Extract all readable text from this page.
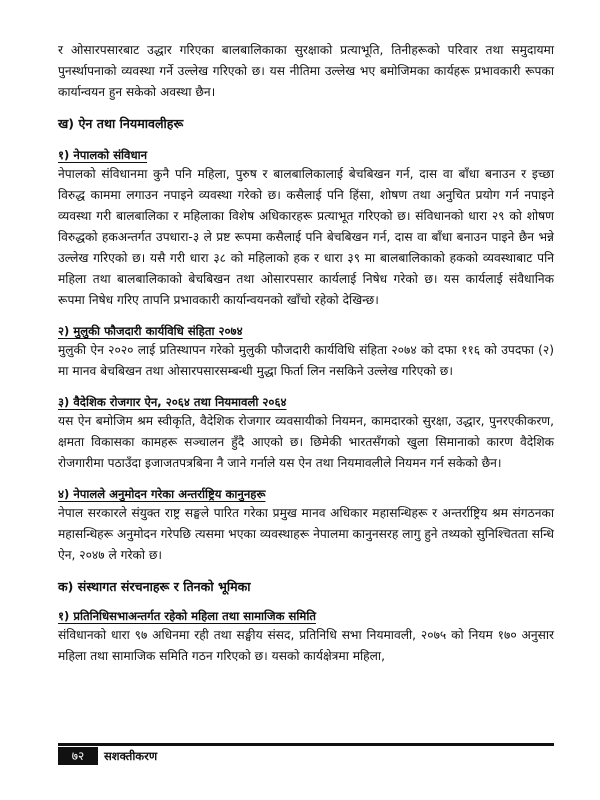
र ओसारपसारबाट उद्धार गरिएका बालबालिकाका सुरक्षाको प्रत्याभूति, तिनीहरूको परिवार तथा समुदायमा पुनर्स्थापनाको व्यवस्था गर्ने उल्लेख गरिएको छ। यस नीतिमा उल्लेख भए बमोजिमका कार्यहरू प्रभावकारी रूपका कार्यान्वयन हुन सकेको अवस्था छैन।

ख) ऐन तथा नियमावलीहरू

१) नेपालको संविधान

नेपालको संविधानमा कुनै पनि महिला, पुरुष र बालबालिकालाई बेचबिखन गर्न, दास वा बाँधा बनाउन र इच्छा विरुद्ध काममा लगाउन नपाइने व्यवस्था गरेको छ। कसैलाई पनि हिंसा, शोषण तथा अनुचित प्रयोग गर्न नपाइने व्यवस्था गरी बालबालिका र महिलाका विशेष अधिकारहरू प्रत्याभूत गरिएको छ। संविधानको धारा २९ को शोषण विरुद्धको हकअन्तर्गत उपधारा-३ ले प्रष्ट रूपमा कसैलाई पनि बेचबिखन गर्न, दास वा बाँधा बनाउन पाइने छैन भन्ने उल्लेख गरिएको छ। यसै गरी धारा ३८ को महिलाको हक र धारा ३९ मा बालबालिकाको हकको व्यवस्थाबाट पनि महिला तथा बालबालिकाको बेचबिखन तथा ओसारपसार कार्यलाई निषेध गरेको छ। यस कार्यलाई संवैधानिक रूपमा निषेध गरिए तापनि प्रभावकारी कार्यान्वयनको खाँचो रहेको देखिन्छ।

२) मुलुकी फौजदारी कार्यविधि संहिता २०७४

मुलुकी ऐन २०२० लाई प्रतिस्थापन गरेको मुलुकी फौजदारी कार्यविधि संहिता २०७४ को दफा ११६ को उपदफा (२) मा मानव बेचबिखन तथा ओसारपसारसम्बन्धी मुद्धा फिर्ता लिन नसकिने उल्लेख गरिएको छ।

३) वैदेशिक रोजगार ऐन, २०६४ तथा नियमावली २०६४

यस ऐन बमोजिम श्रम स्वीकृति, वैदेशिक रोजगार व्यवसायीको नियमन, कामदारको सुरक्षा, उद्धार, पुनरएकीकरण, क्षमता विकासका कामहरू सञ्चालन हुँदै आएको छ। छिमेकी भारतसँगको खुला सिमानाको कारण वैदेशिक रोजगारीमा पठाउँदा इजाजतपत्रबिना नै जाने गर्नाले यस ऐन तथा नियमावलीले नियमन गर्न सकेको छैन।

४) नेपालले अनुमोदन गरेका अन्तर्राष्ट्रिय कानुनहरू

नेपाल सरकारले संयुक्त राष्ट्र सङ्घले पारित गरेका प्रमुख मानव अधिकार महासन्धिहरू र अन्तर्राष्ट्रिय श्रम संगठनका महासन्धिहरू अनुमोदन गरेपछि त्यसमा भएका व्यवस्थाहरू नेपालमा कानुनसरह लागु हुने तथ्यको सुनिश्चितता सन्धि ऐन, २०४७ ले गरेको छ।

क) संस्थागत संरचनाहरू र तिनको भूमिका

१) प्रतिनिधिसभाअन्तर्गत रहेको महिला तथा सामाजिक समिति

संविधानको धारा ९७ अधिनमा रही तथा सङ्घीय संसद, प्रतिनिधि सभा नियमावली, २०७५ को नियम १७० अनुसार महिला तथा सामाजिक समिति गठन गरिएको छ। यसको कार्यक्षेत्रमा महिला,

७२	सशक्तीकरण
